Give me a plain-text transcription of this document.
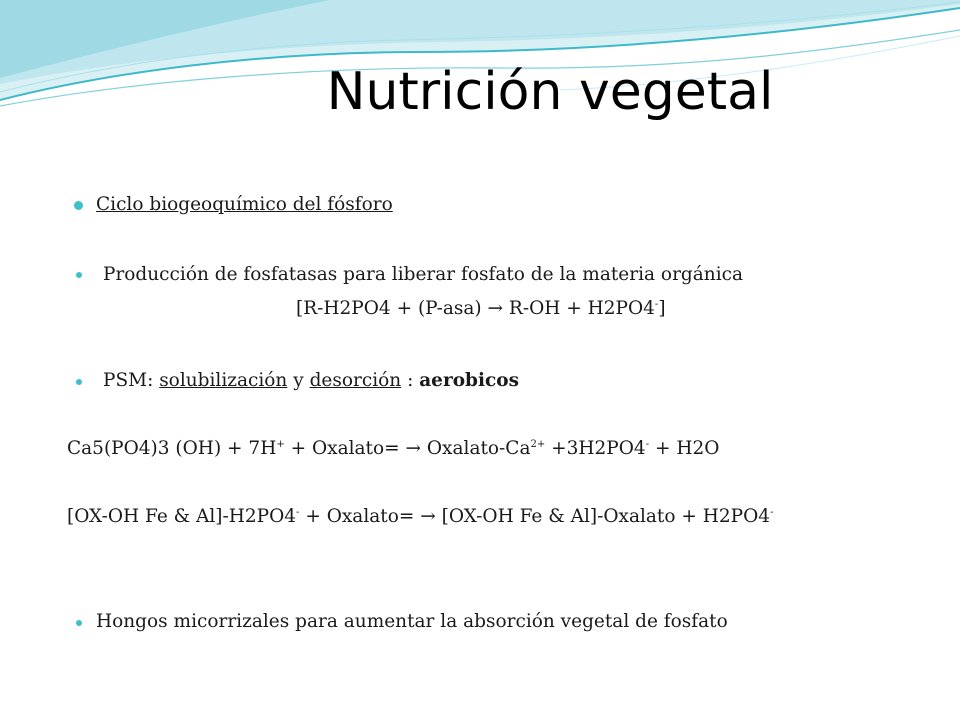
Nutrición vegetal
Ciclo biogeoquímico del fósforo
Producción de fosfatasas para liberar fosfato de la materia orgánica
[R-H2PO4 + (P-asa) → R-OH + H2PO4-]
PSM: solubilización y desorción : aerobicos
Ca5(PO4)3 (OH) + 7H+ + Oxalato= → Oxalato-$Ca^{2+} +3H2PO4^- + H2O$
[OX-OH Fe & Al]-H2PO4- + Oxalato= → [OX-OH Fe & Al]-Oxalato + H2PO4-
Hongos micorrizales para aumentar la absorción vegetal de fosfato
